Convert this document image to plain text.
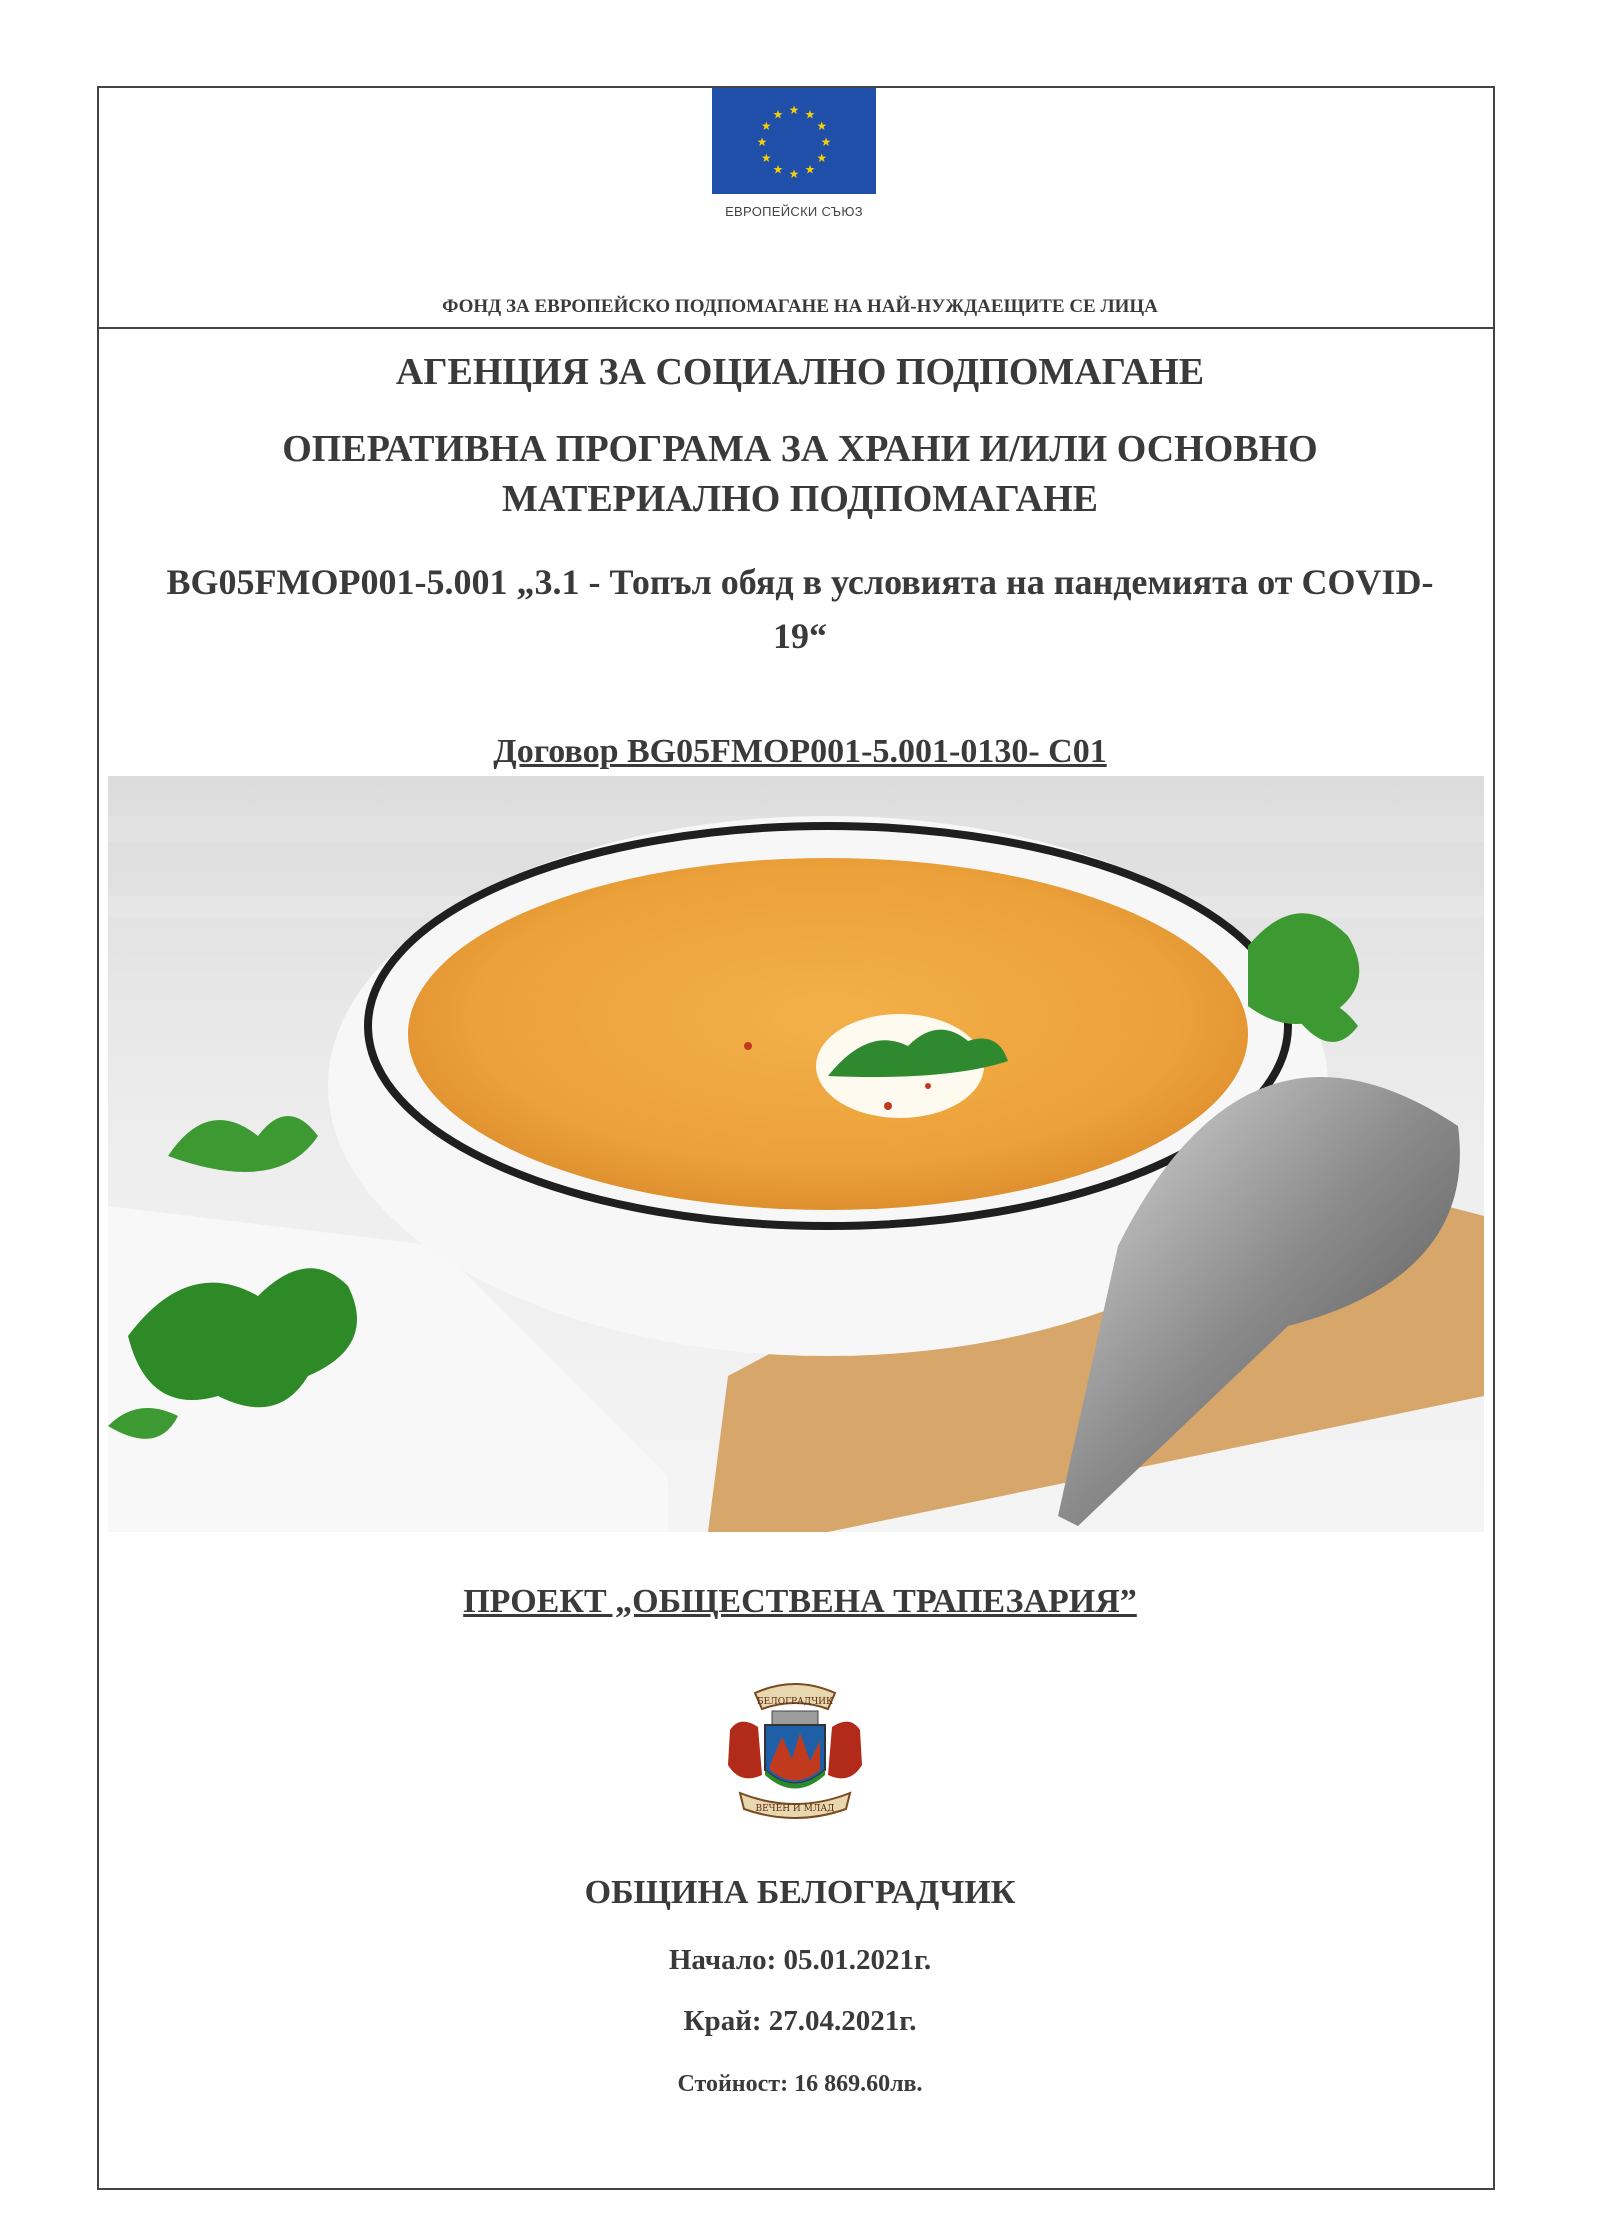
★ ★
★
★
★
★
★
★
★
★
★
★
ЕВРОПЕЙСКИ СЪЮЗ
ФОНД ЗА ЕВРОПЕЙСКО ПОДПОМАГАНЕ НА НАЙ-НУЖДАЕЩИТЕ СЕ ЛИЦА
АГЕНЦИЯ ЗА СОЦИАЛНО ПОДПОМАГАНЕ
ОПЕРАТИВНА ПРОГРАМА ЗА ХРАНИ И/ИЛИ ОСНОВНО
МАТЕРИАЛНО ПОДПОМАГАНЕ
BG05FMOP001-5.001 „3.1 - Топъл обяд в условията на пандемията от COVID-19“
Договор BG05FMOP001-5.001-0130- C01
ПРОЕКТ „ОБЩЕСТВЕНА ТРАПЕЗАРИЯ”
БЕЛОГРАДЧИК
ВЕЧЕН И МЛАД
ОБЩИНА БЕЛОГРАДЧИК
Начало: 05.01.2021г.
Край: 27.04.2021г.
Стойност: 16 869.60лв.
